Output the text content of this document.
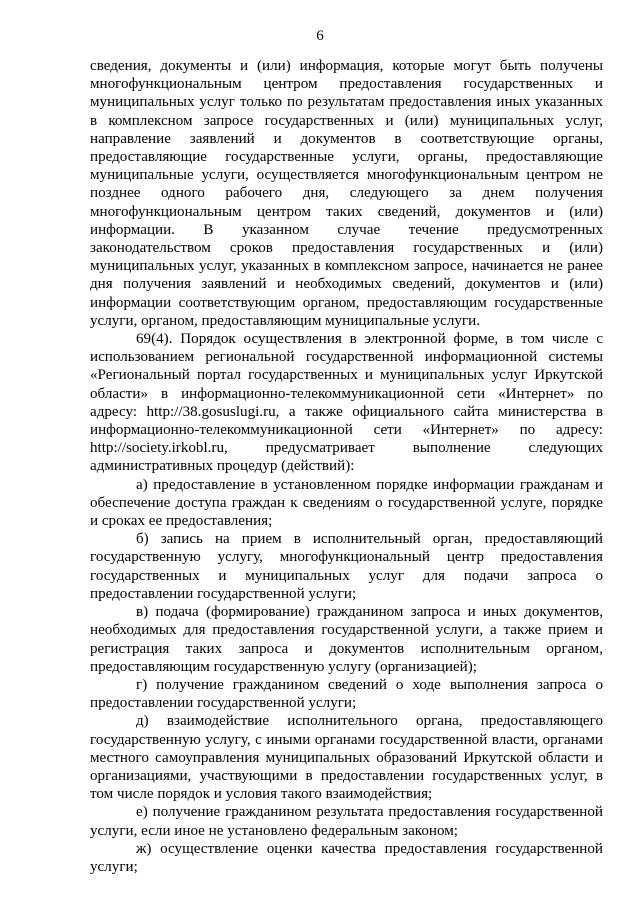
6

сведения, документы и (или) информация, которые могут быть получены многофункциональным центром предоставления государственных и муниципальных услуг только по результатам предоставления иных указанных в комплексном запросе государственных и (или) муниципальных услуг, направление заявлений и документов в соответствующие органы, предоставляющие государственные услуги, органы, предоставляющие муниципальные услуги, осуществляется многофункциональным центром не позднее одного рабочего дня, следующего за днем получения многофункциональным центром таких сведений, документов и (или) информации. В указанном случае течение предусмотренных законодательством сроков предоставления государственных и (или) муниципальных услуг, указанных в комплексном запросе, начинается не ранее дня получения заявлений и необходимых сведений, документов и (или) информации соответствующим органом, предоставляющим государственные услуги, органом, предоставляющим муниципальные услуги.

69(4). Порядок осуществления в электронной форме, в том числе с использованием региональной государственной информационной системы «Региональный портал государственных и муниципальных услуг Иркутской области» в информационно-телекоммуникационной сети «Интернет» по адресу: http://38.gosuslugi.ru, а также официального сайта министерства в информационно-телекоммуникационной сети «Интернет» по адресу: http://society.irkobl.ru, предусматривает выполнение следующих административных процедур (действий):

а) предоставление в установленном порядке информации гражданам и обеспечение доступа граждан к сведениям о государственной услуге, порядке и сроках ее предоставления;

б) запись на прием в исполнительный орган, предоставляющий государственную услугу, многофункциональный центр предоставления государственных и муниципальных услуг для подачи запроса о предоставлении государственной услуги;

в) подача (формирование) гражданином запроса и иных документов, необходимых для предоставления государственной услуги, а также прием и регистрация таких запроса и документов исполнительным органом, предоставляющим государственную услугу (организацией);

г) получение гражданином сведений о ходе выполнения запроса о предоставлении государственной услуги;

д) взаимодействие исполнительного органа, предоставляющего государственную услугу, с иными органами государственной власти, органами местного самоуправления муниципальных образований Иркутской области и организациями, участвующими в предоставлении государственных услуг, в том числе порядок и условия такого взаимодействия;

е) получение гражданином результата предоставления государственной услуги, если иное не установлено федеральным законом;

ж) осуществление оценки качества предоставления государственной услуги;
